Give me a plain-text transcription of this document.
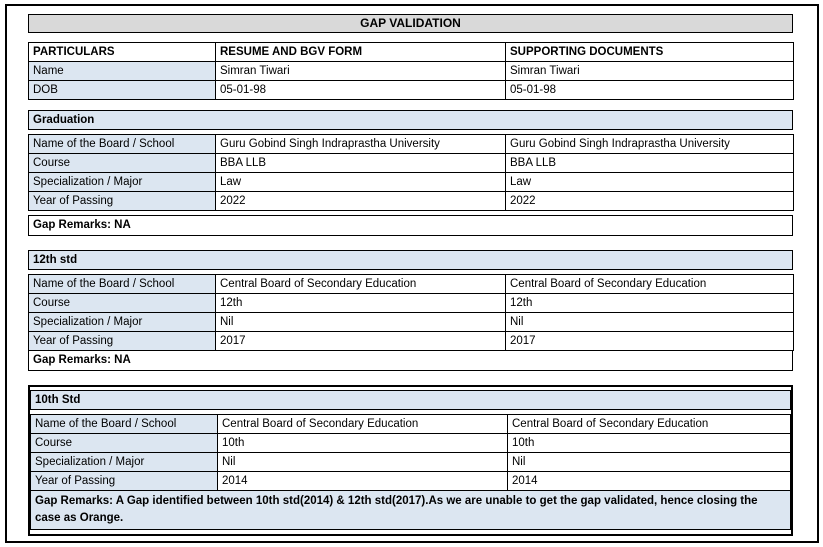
GAP VALIDATION
PARTICULARS	RESUME AND BGV FORM	SUPPORTING DOCUMENTS
Name	Simran Tiwari	Simran Tiwari
DOB	05-01-98	05-01-98
Graduation
Name of the Board / School	Guru Gobind Singh Indraprastha University	Guru Gobind Singh Indraprastha University
Course	BBA LLB	BBA LLB
Specialization / Major	Law	Law
Year of Passing	2022	2022
Gap Remarks: NA
12th std
Name of the Board / School	Central Board of Secondary Education	Central Board of Secondary Education
Course	12th	12th
Specialization / Major	Nil	Nil
Year of Passing	2017	2017
Gap Remarks: NA
10th Std
Name of the Board / School	Central Board of Secondary Education	Central Board of Secondary Education
Course	10th	10th
Specialization / Major	Nil	Nil
Year of Passing	2014	2014
Gap Remarks: A Gap identified between 10th std(2014) & 12th std(2017).As we are unable to get the gap validated, hence closing the case as Orange.
